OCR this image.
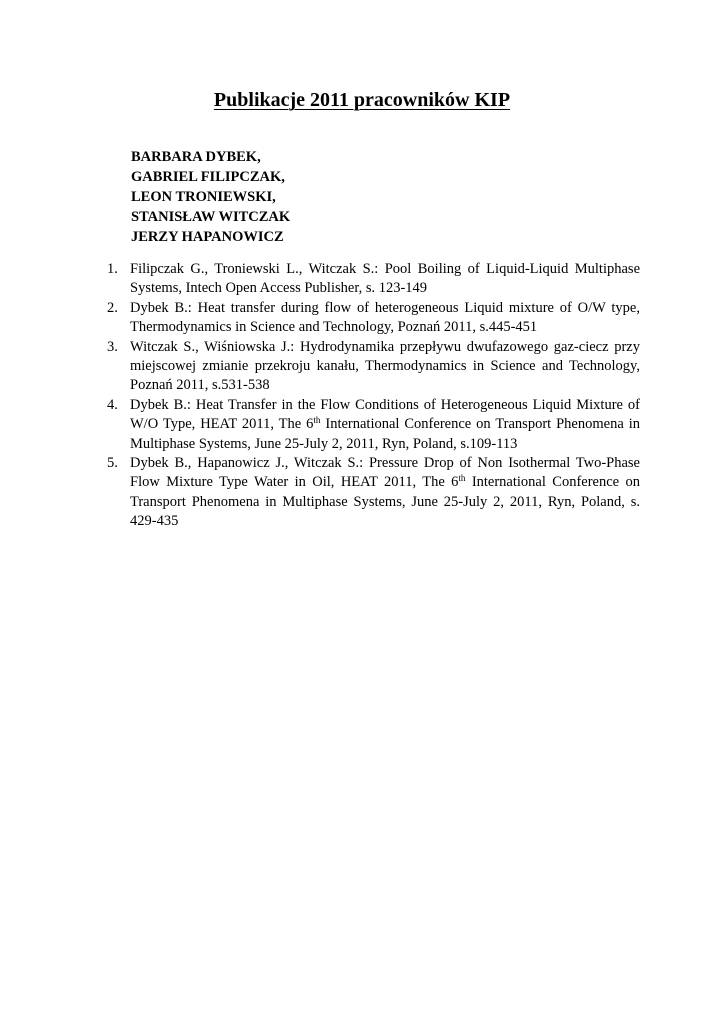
Publikacje 2011 pracowników KIP
BARBARA DYBEK,
GABRIEL FILIPCZAK,
LEON TRONIEWSKI,
STANISŁAW WITCZAK
JERZY HAPANOWICZ
1. Filipczak G., Troniewski L., Witczak S.: Pool Boiling of Liquid-Liquid Multiphase Systems, Intech Open Access Publisher, s. 123-149
2. Dybek B.: Heat transfer during flow of heterogeneous Liquid mixture of O/W type, Thermodynamics in Science and Technology, Poznań 2011, s.445-451
3. Witczak S., Wiśniowska J.: Hydrodynamika przepływu dwufazowego gaz-ciecz przy miejscowej zmianie przekroju kanału, Thermodynamics in Science and Technology, Poznań 2011, s.531-538
4. Dybek B.: Heat Transfer in the Flow Conditions of Heterogeneous Liquid Mixture of W/O Type, HEAT 2011, The 6th International Conference on Transport Phenomena in Multiphase Systems, June 25-July 2, 2011, Ryn, Poland, s.109-113
5. Dybek B., Hapanowicz J., Witczak S.: Pressure Drop of Non Isothermal Two-Phase Flow Mixture Type Water in Oil, HEAT 2011, The 6th International Conference on Transport Phenomena in Multiphase Systems, June 25-July 2, 2011, Ryn, Poland, s. 429-435
